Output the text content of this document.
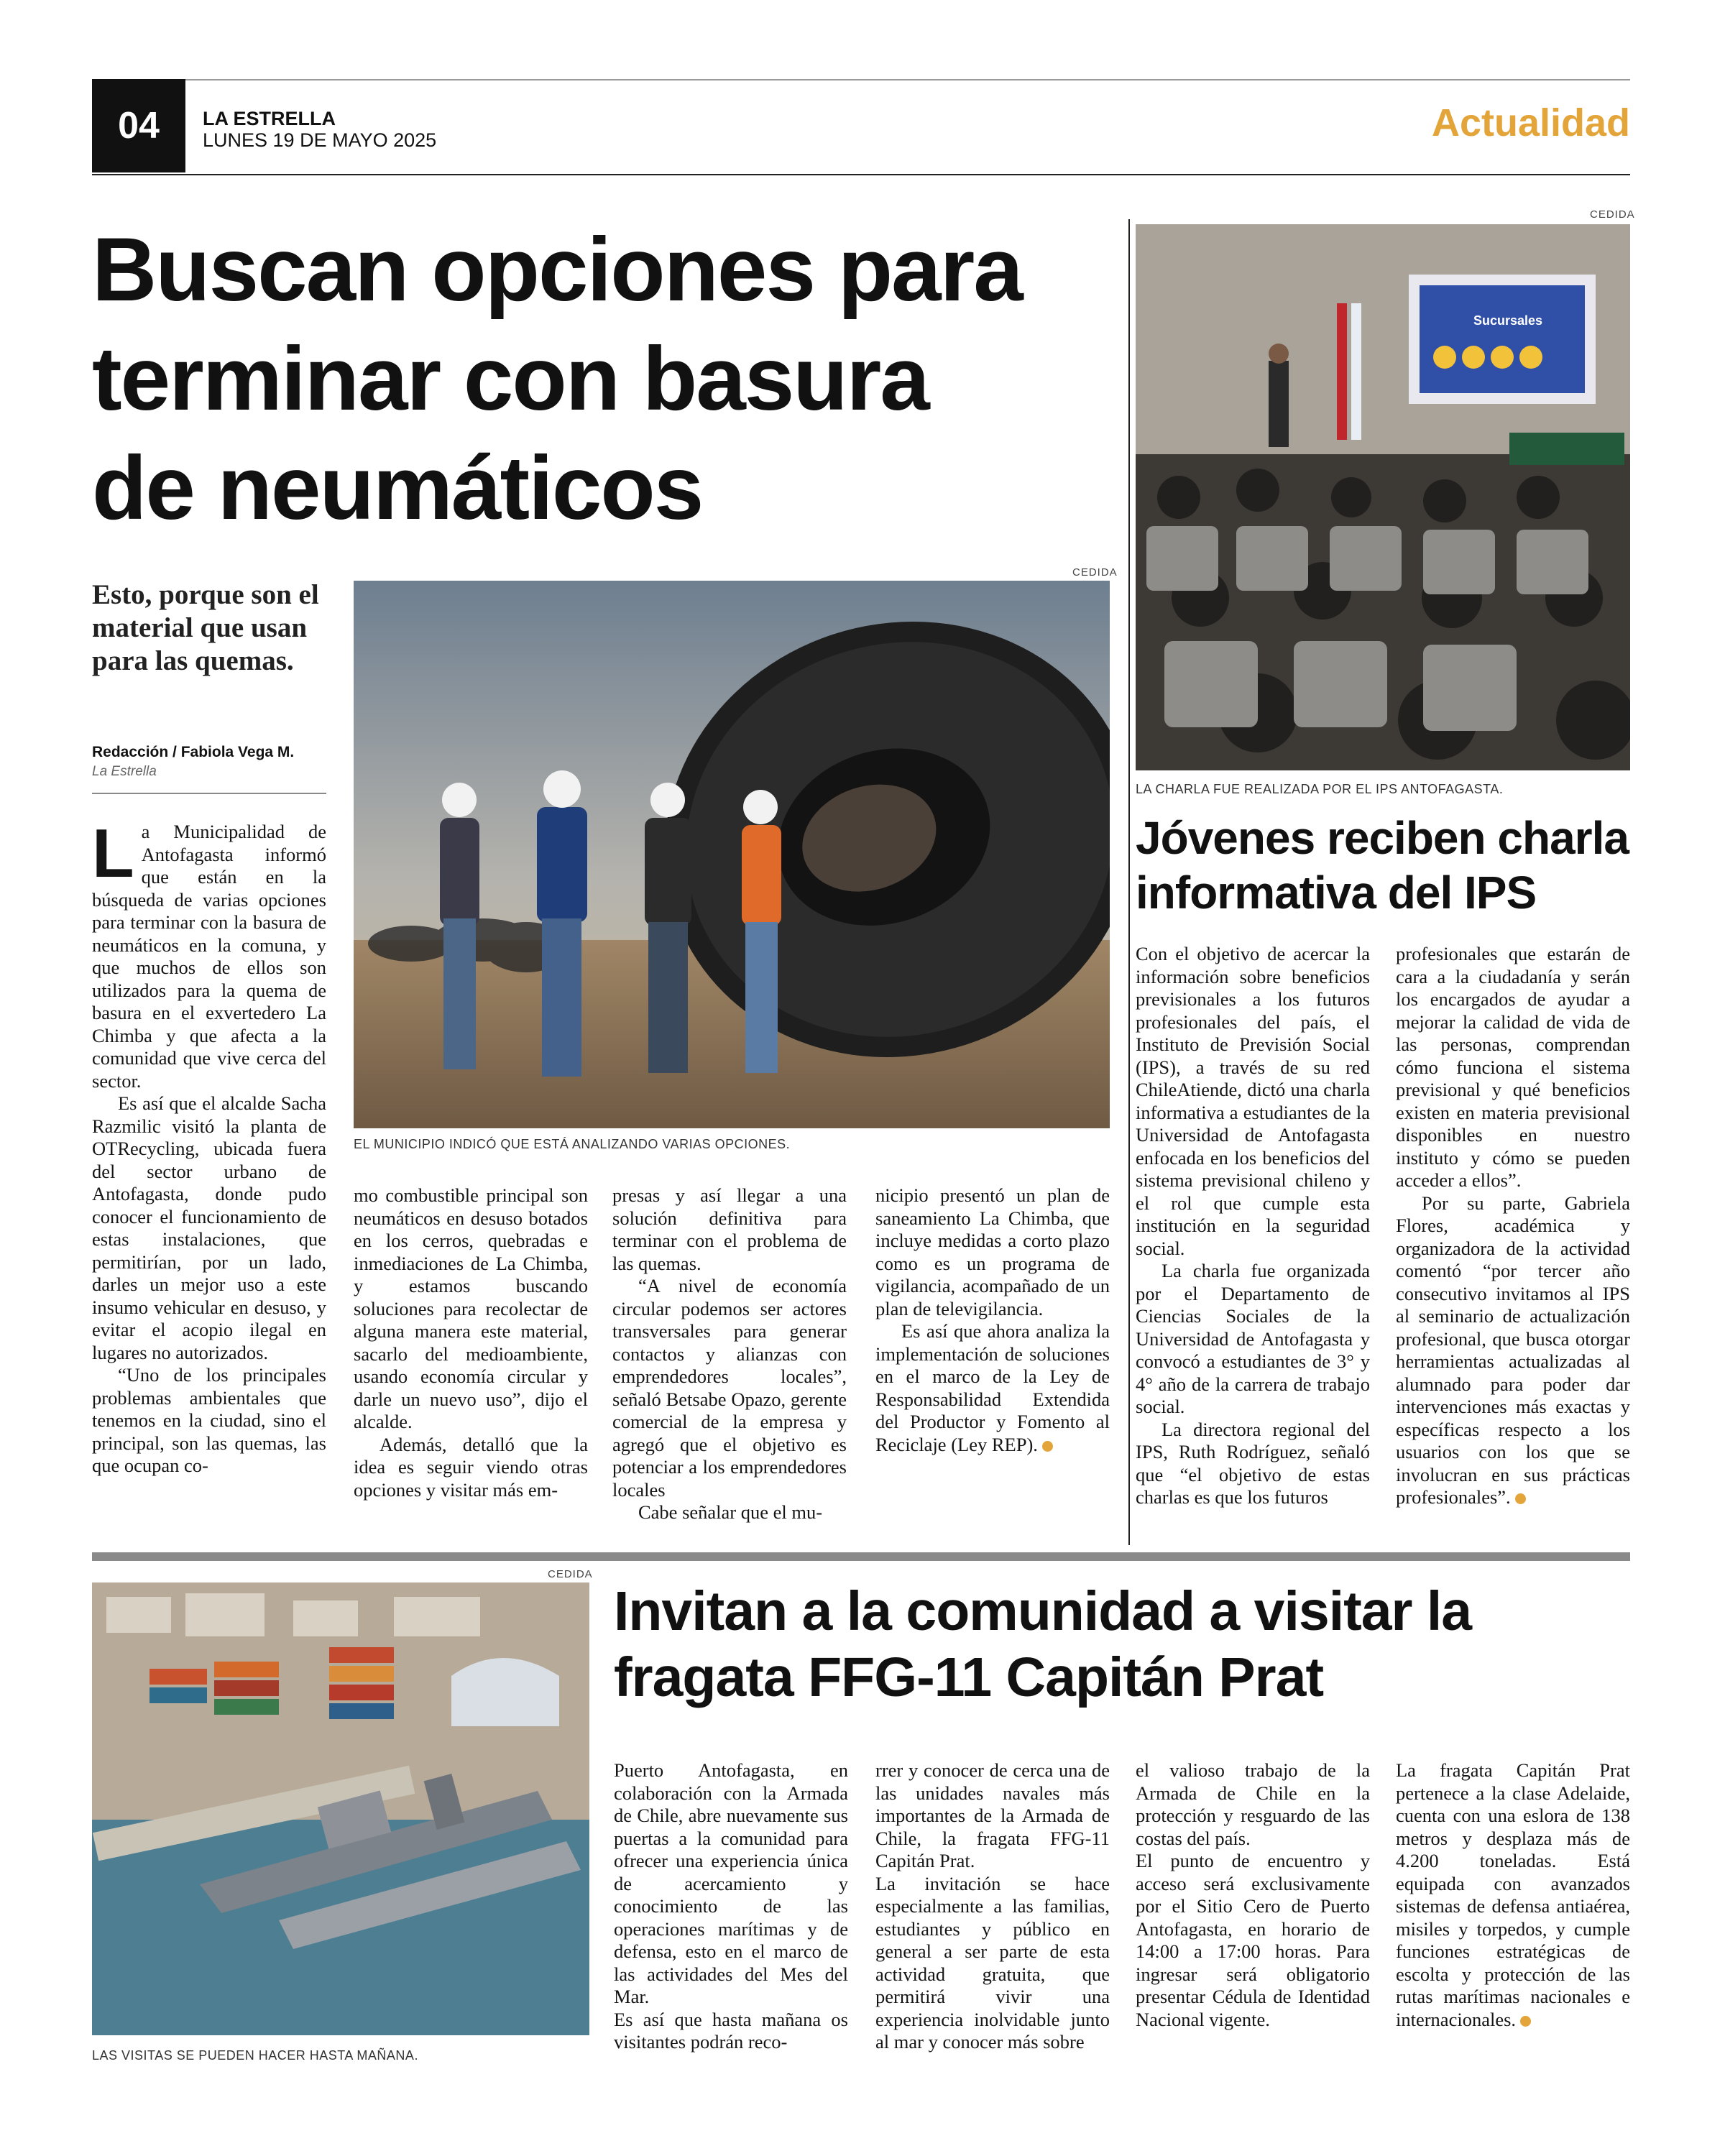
04	LA ESTRELLA
LUNES 19 DE MAYO 2025	Actualidad
Buscan opciones para
terminar con basura
de neumáticos
Esto, porque son el material que usan para las quemas.
Redacción / Fabiola Vega M.
La Estrella
CEDIDA
EL MUNICIPIO INDICÓ QUE ESTÁ ANALIZANDO VARIAS OPCIONES.

La Municipalidad de Antofagasta informó que están en la búsqueda de varias opciones para terminar con la basura de neumáticos en la comuna, y que muchos de ellos son utilizados para la quema de basura en el exvertedero La Chimba y que afecta a la comunidad que vive cerca del sector.

Es así que el alcalde Sacha Razmilic visitó la planta de OTRecycling, ubicada fuera del sector urbano de Antofagasta, donde pudo conocer el funcionamiento de estas instalaciones, que permitirían, por un lado, darles un mejor uso a este insumo vehicular en desuso, y evitar el acopio ilegal en lugares no autorizados.

“Uno de los principales problemas ambientales que tenemos en la ciudad, sino el principal, son las quemas, las que ocupan co-

mo combustible principal son neumáticos en desuso botados en los cerros, quebradas e inmediaciones de La Chimba, y estamos buscando soluciones para recolectar de alguna manera este material, sacarlo del medioambiente, usando economía circular y darle un nuevo uso”, dijo el alcalde.

Además, detalló que la idea es seguir viendo otras opciones y visitar más em-

presas y así llegar a una solución definitiva para terminar con el problema de las quemas.

“A nivel de economía circular podemos ser actores transversales para generar contactos y alianzas con emprendedores locales”, señaló Betsabe Opazo, gerente comercial de la empresa y agregó que el objetivo es potenciar a los emprendedores locales

Cabe señalar que el mu-

nicipio presentó un plan de saneamiento La Chimba, que incluye medidas a corto plazo como es un programa de vigilancia, acompañado de un plan de televigilancia.

Es así que ahora analiza la implementación de soluciones en el marco de la Ley de Responsabilidad Extendida del Productor y Fomento al Reciclaje (Ley REP).

CEDIDA
Sucursales
LA CHARLA FUE REALIZADA POR EL IPS ANTOFAGASTA.
Jóvenes reciben charla
informativa del IPS

Con el objetivo de acercar la información sobre beneficios previsionales a los futuros profesionales del país, el Instituto de Previsión Social (IPS), a través de su red ChileAtiende, dictó una charla informativa a estudiantes de la Universidad de Antofagasta enfocada en los beneficios del sistema previsional chileno y el rol que cumple esta institución en la seguridad social.

La charla fue organizada por el Departamento de Ciencias Sociales de la Universidad de Antofagasta y convocó a estudiantes de 3° y 4° año de la carrera de trabajo social.

La directora regional del IPS, Ruth Rodríguez, señaló que “el objetivo de estas charlas es que los futuros

profesionales que estarán de cara a la ciudadanía y serán los encargados de ayudar a mejorar la calidad de vida de las personas, comprendan cómo funciona el sistema previsional y qué beneficios existen en materia previsional disponibles en nuestro instituto y cómo se pueden acceder a ellos”.

Por su parte, Gabriela Flores, académica y organizadora de la actividad comentó “por tercer año consecutivo invitamos al IPS al seminario de actualización profesional, que busca otorgar herramientas actualizadas al alumnado para poder dar intervenciones más exactas y específicas respecto a los usuarios con los que se involucran en sus prácticas profesionales”.

CEDIDA
LAS VISITAS SE PUEDEN HACER HASTA MAÑANA.
Invitan a la comunidad a visitar la
fragata FFG-11 Capitán Prat

Puerto Antofagasta, en colaboración con la Armada de Chile, abre nuevamente sus puertas a la comunidad para ofrecer una experiencia única de acercamiento y conocimiento de las operaciones marítimas y de defensa, esto en el marco de las actividades del Mes del Mar.

Es así que hasta mañana os visitantes podrán reco-

rrer y conocer de cerca una de las unidades navales más importantes de la Armada de Chile, la fragata FFG-11 Capitán Prat.

La invitación se hace especialmente a las familias, estudiantes y público en general a ser parte de esta actividad gratuita, que permitirá vivir una experiencia inolvidable junto al mar y conocer más sobre

el valioso trabajo de la Armada de Chile en la protección y resguardo de las costas del país.

El punto de encuentro y acceso será exclusivamente por el Sitio Cero de Puerto Antofagasta, en horario de 14:00 a 17:00 horas. Para ingresar será obligatorio presentar Cédula de Identidad Nacional vigente.

La fragata Capitán Prat pertenece a la clase Adelaide, cuenta con una eslora de 138 metros y desplaza más de 4.200 toneladas. Está equipada con avanzados sistemas de defensa antiaérea, misiles y torpedos, y cumple funciones estratégicas de escolta y protección de las rutas marítimas nacionales e internacionales.
